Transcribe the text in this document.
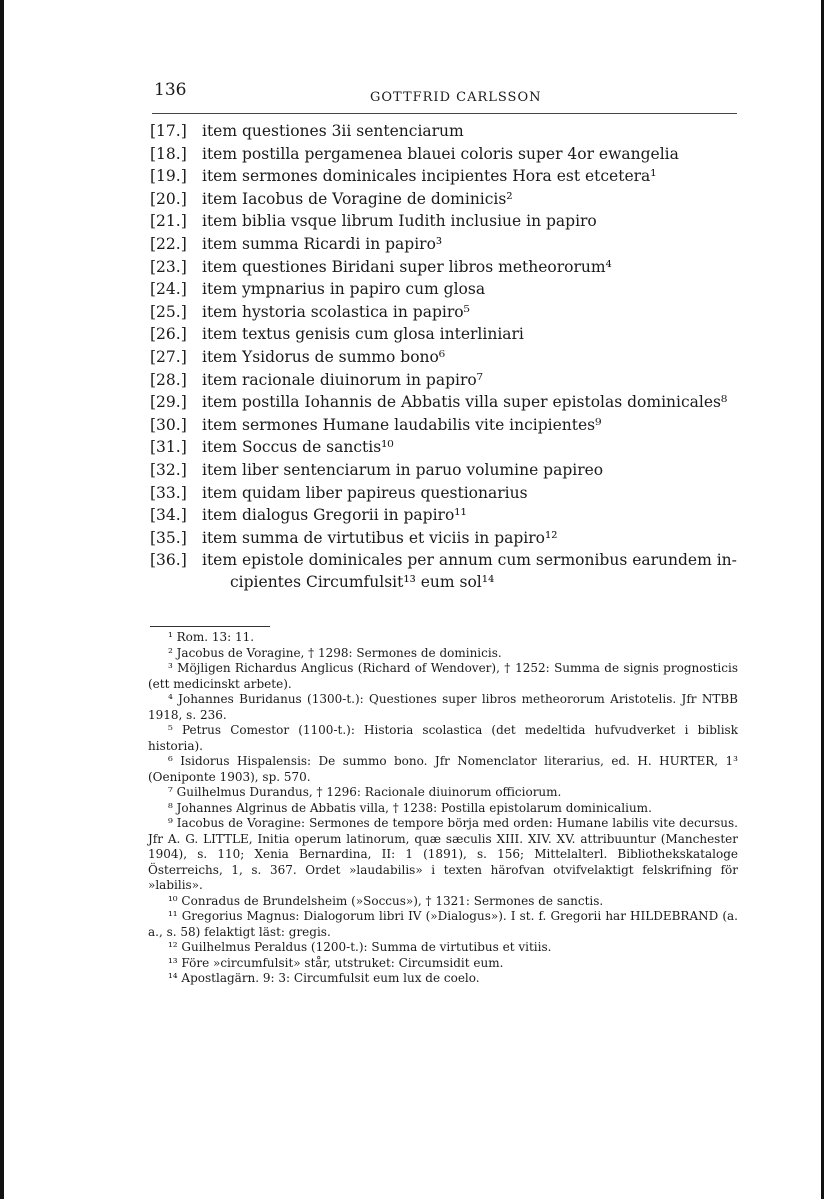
136	GOTTFRID CARLSSON
[17.] item questiones 3ii sentenciarum
[18.] item postilla pergamenea blauei coloris super 4or ewangelia
[19.] item sermones dominicales incipientes Hora est etcetera¹
[20.] item Iacobus de Voragine de dominicis²
[21.] item biblia vsque librum Iudith inclusiue in papiro
[22.] item summa Ricardi in papiro³
[23.] item questiones Biridani super libros metheororum⁴
[24.] item ympnarius in papiro cum glosa
[25.] item hystoria scolastica in papiro⁵
[26.] item textus genisis cum glosa interliniari
[27.] item Ysidorus de summo bono⁶
[28.] item racionale diuinorum in papiro⁷
[29.] item postilla Iohannis de Abbatis villa super epistolas dominicales⁸
[30.] item sermones Humane laudabilis vite incipientes⁹
[31.] item Soccus de sanctis¹⁰
[32.] item liber sentenciarum in paruo volumine papireo
[33.] item quidam liber papireus questionarius
[34.] item dialogus Gregorii in papiro¹¹
[35.] item summa de virtutibus et viciis in papiro¹²
[36.] item epistole dominicales per annum cum sermonibus earundem in-
cipientes Circumfulsit¹³ eum sol¹⁴

¹ Rom. 13: 11.

² Jacobus de Voragine, † 1298: Sermones de dominicis.

³ Möjligen Richardus Anglicus (Richard of Wendover), † 1252: Summa de signis prognosticis (ett medicinskt arbete).

⁴ Johannes Buridanus (1300-t.): Questiones super libros metheororum Aristotelis. Jfr NTBB 1918, s. 236.

⁵ Petrus Comestor (1100-t.): Historia scolastica (det medeltida hufvudverket i biblisk historia).

⁶ Isidorus Hispalensis: De summo bono. Jfr Nomenclator literarius, ed. H. HURTER, 1³ (Oeniponte 1903), sp. 570.

⁷ Guilhelmus Durandus, † 1296: Racionale diuinorum officiorum.

⁸ Johannes Algrinus de Abbatis villa, † 1238: Postilla epistolarum dominicalium.

⁹ Iacobus de Voragine: Sermones de tempore börja med orden: Humane labilis vite decursus. Jfr A. G. LITTLE, Initia operum latinorum, quæ sæculis XIII. XIV. XV. attribuuntur (Manchester 1904), s. 110; Xenia Bernardina, II: 1 (1891), s. 156; Mittelalterl. Bibliothekskataloge Österreichs, 1, s. 367. Ordet »laudabilis» i texten härofvan otvifvelaktigt felskrifning för »labilis».

¹⁰ Conradus de Brundelsheim (»Soccus»), † 1321: Sermones de sanctis.

¹¹ Gregorius Magnus: Dialogorum libri IV (»Dialogus»). I st. f. Gregorii har HILDEBRAND (a. a., s. 58) felaktigt läst: gregis.

¹² Guilhelmus Peraldus (1200-t.): Summa de virtutibus et vitiis.

¹³ Före »circumfulsit» står, utstruket: Circumsidit eum.

¹⁴ Apostlagärn. 9: 3: Circumfulsit eum lux de coelo.
